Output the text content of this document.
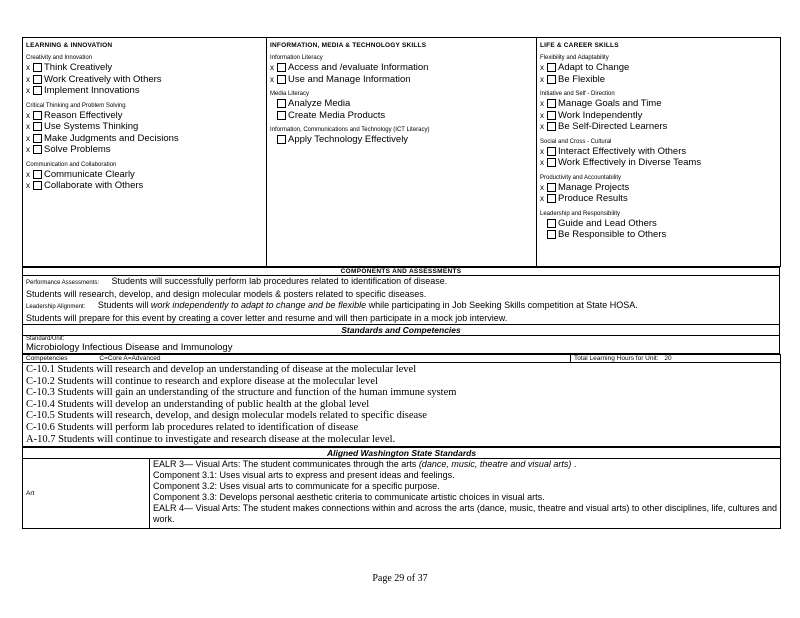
LEARNING & INNOVATION
Creativity and Innovation
x	Think Creatively
x	Work Creatively with Others
x	Implement Innovations
Critical Thinking and Problem Solving
x	Reason Effectively
x	Use Systems Thinking
x	Make Judgments and Decisions
x	Solve Problems
Communication and Collaboration
x	Communicate Clearly
x	Collaborate with Others

INFORMATION, MEDIA & TECHNOLOGY SKILLS
Information Literacy
x	Access and /evaluate Information
x	Use and Manage Information
Media Literacy
Analyze Media
Create Media Products
Information, Communications and Technology (ICT Literacy)
Apply Technology Effectively

LIFE & CAREER SKILLS
Flexibility and Adaptability
x	Adapt to Change
x	Be Flexible
Initiative and Self - Direction
x	Manage Goals and Time
x	Work Independently
x	Be Self-Directed Learners
Social and Cross - Cultural
x	Interact Effectively with Others
x	Work Effectively in Diverse Teams
Productivity and Accountability
x	Manage Projects
x	Produce Results
Leadership and Responsibility
Guide and Lead Others
Be Responsible to Others
COMPONENTS AND ASSESSMENTS

Performance Assessments: Students will successfully perform lab procedures related to identification of disease.
Students will research, develop, and design molecular models & posters related to specific diseases.
Leadership Alignment: Students will work independently to adapt to change and be flexible while participating in Job Seeking Skills competition at State HOSA.
Students will prepare for this event by creating a cover letter and resume and will then participate in a mock job interview.

Standards and Competencies

Standard/Unit:
Microbiology Infectious Disease and Immunology
Competencies	C=Core A=Advanced	Total Learning Hours for Unit: 20

C-10.1 Students will research and develop an understanding of disease at the molecular level
C-10.2 Students will continue to research and explore disease at the molecular level
C-10.3 Students will gain an understanding of the structure and function of the human immune system
C-10.4 Students will develop an understanding of public health at the global level
C-10.5 Students will research, develop, and design molecular models related to specific disease
C-10.6 Students will perform lab procedures related to identification of disease
A-10.7 Students will continue to investigate and research disease at the molecular level.
Aligned Washington State Standards
Art	
EALR 3— Visual Arts: The student communicates through the arts (dance, music, theatre and visual arts) .
Component 3.1: Uses visual arts to express and present ideas and feelings.
Component 3.2: Uses visual arts to communicate for a specific purpose.
Component 3.3: Develops personal aesthetic criteria to communicate artistic choices in visual arts.
EALR 4— Visual Arts: The student makes connections within and across the arts (dance, music, theatre and visual arts) to other disciplines, life, cultures and work.
Page 29 of 37
